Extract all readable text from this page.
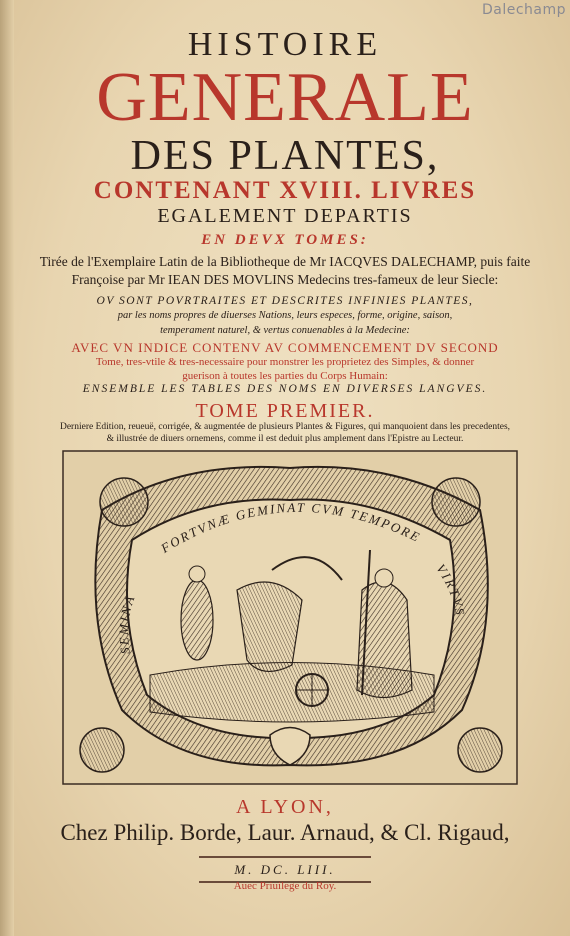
Dalechamp
HISTOIRE
GENERALE
DES PLANTES,
CONTENANT XVIII. LIVRES
EGALEMENT DEPARTIS
EN DEVX TOMES:
Tirée de l'Exemplaire Latin de la Bibliotheque de Mr IACQVES DALECHAMP, puis faite
Françoise par Mr IEAN DES MOVLINS Medecins tres-fameux de leur Siecle:
OV SONT POVRTRAITES ET DESCRITES INFINIES PLANTES,
par les noms propres de diuerses Nations, leurs especes, forme, origine, saison,
temperament naturel, & vertus conuenables à la Medecine:
AVEC VN INDICE CONTENV AV COMMENCEMENT DV SECOND
Tome, tres-vtile & tres-necessaire pour monstrer les proprietez des Simples, & donner
guerison à toutes les parties du Corps Humain:
ENSEMBLE LES TABLES DES NOMS EN DIVERSES LANGVES.
TOME PREMIER.
Derniere Edition, reueuë, corrigée, & augmentée de plusieurs Plantes & Figures, qui manquoient dans les precedentes,
& illustrée de diuers ornemens, comme il est deduit plus amplement dans l'Epistre au Lecteur.
FORTVNÆ GEMINAT CVM TEMPORE
SEMINA
VIRTVS
A LYON,
Chez Philip. Borde, Laur. Arnaud, & Cl. Rigaud,
M. DC. LIII.
Auec Priuilege du Roy.
